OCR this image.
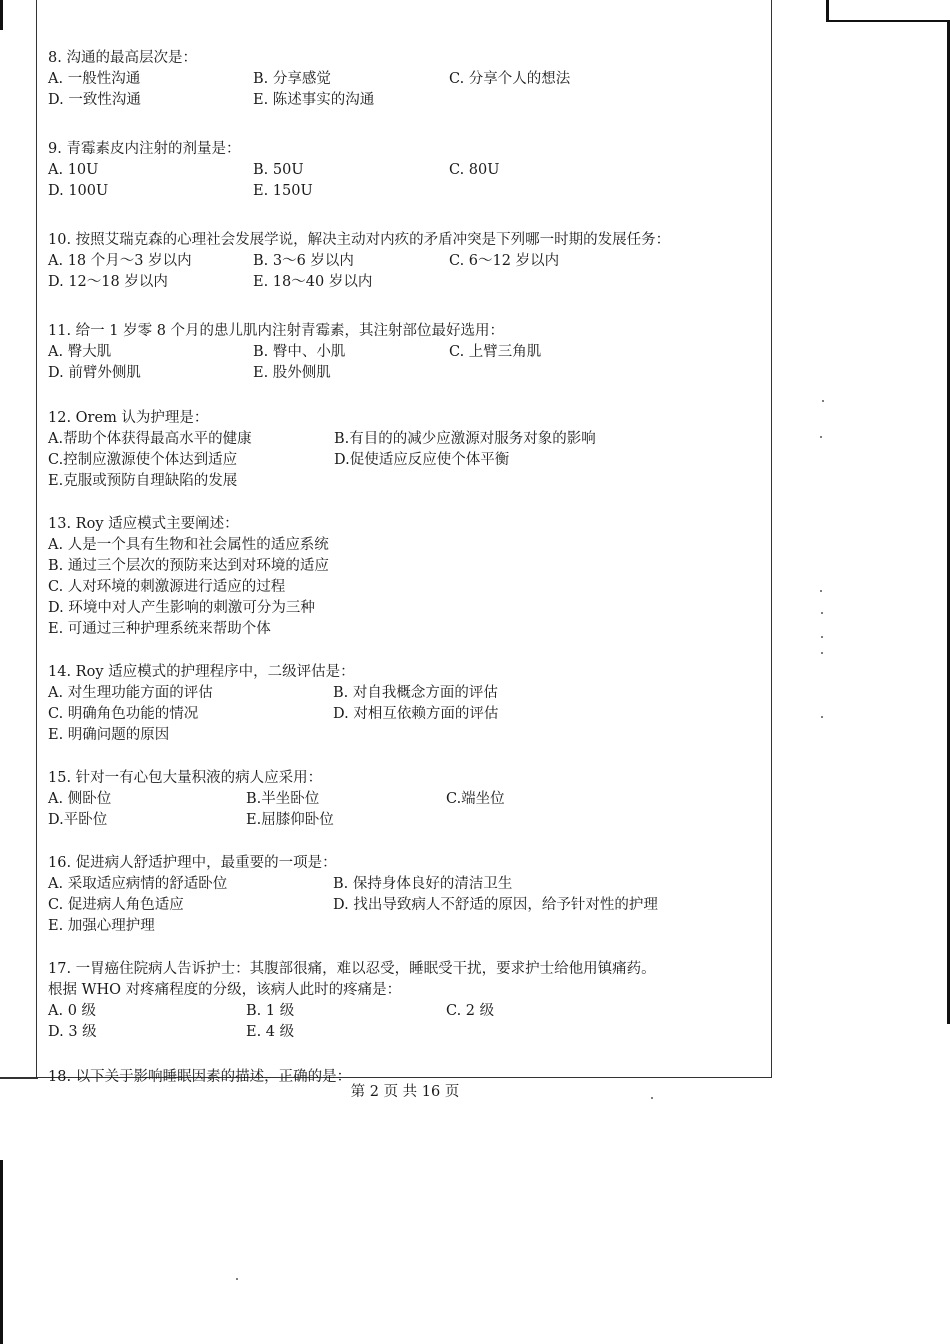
8. 沟通的最高层次是：
A. 一般性沟通	B. 分享感觉	C. 分享个人的想法
D. 一致性沟通	E. 陈述事实的沟通
9. 青霉素皮内注射的剂量是：
A. 10U	B. 50U	C. 80U
D. 100U	E. 150U
10. 按照艾瑞克森的心理社会发展学说，解决主动对内疚的矛盾冲突是下列哪一时期的发展任务：
A. 18 个月～3 岁以内	B. 3～6 岁以内	C. 6～12 岁以内
D. 12～18 岁以内	E. 18～40 岁以内
11. 给一 1 岁零 8 个月的患儿肌内注射青霉素，其注射部位最好选用：
A. 臀大肌	B. 臀中、小肌	C. 上臂三角肌
D. 前臂外侧肌	E. 股外侧肌
12. Orem 认为护理是：
A.帮助个体获得最高水平的健康	B.有目的的减少应激源对服务对象的影响
C.控制应激源使个体达到适应	D.促使适应反应使个体平衡
E.克服或预防自理缺陷的发展
13. Roy 适应模式主要阐述：
A. 人是一个具有生物和社会属性的适应系统
B. 通过三个层次的预防来达到对环境的适应
C. 人对环境的刺激源进行适应的过程
D. 环境中对人产生影响的刺激可分为三种
E. 可通过三种护理系统来帮助个体
14. Roy 适应模式的护理程序中，二级评估是：
A. 对生理功能方面的评估	B. 对自我概念方面的评估
C. 明确角色功能的情况	D. 对相互依赖方面的评估
E. 明确问题的原因
15. 针对一有心包大量积液的病人应采用：
A. 侧卧位	B.半坐卧位	C.端坐位
D.平卧位	E.屈膝仰卧位
16. 促进病人舒适护理中，最重要的一项是：
A. 采取适应病情的舒适卧位	B. 保持身体良好的清洁卫生
C. 促进病人角色适应	D. 找出导致病人不舒适的原因，给予针对性的护理
E. 加强心理护理
17. 一胃癌住院病人告诉护士：其腹部很痛，难以忍受，睡眠受干扰，要求护士给他用镇痛药。
根据 WHO 对疼痛程度的分级，该病人此时的疼痛是：
A. 0 级	B. 1 级	C. 2 级
D. 3 级	E. 4 级
18. 以下关于影响睡眠因素的描述，正确的是：
第 2 页 共 16 页
